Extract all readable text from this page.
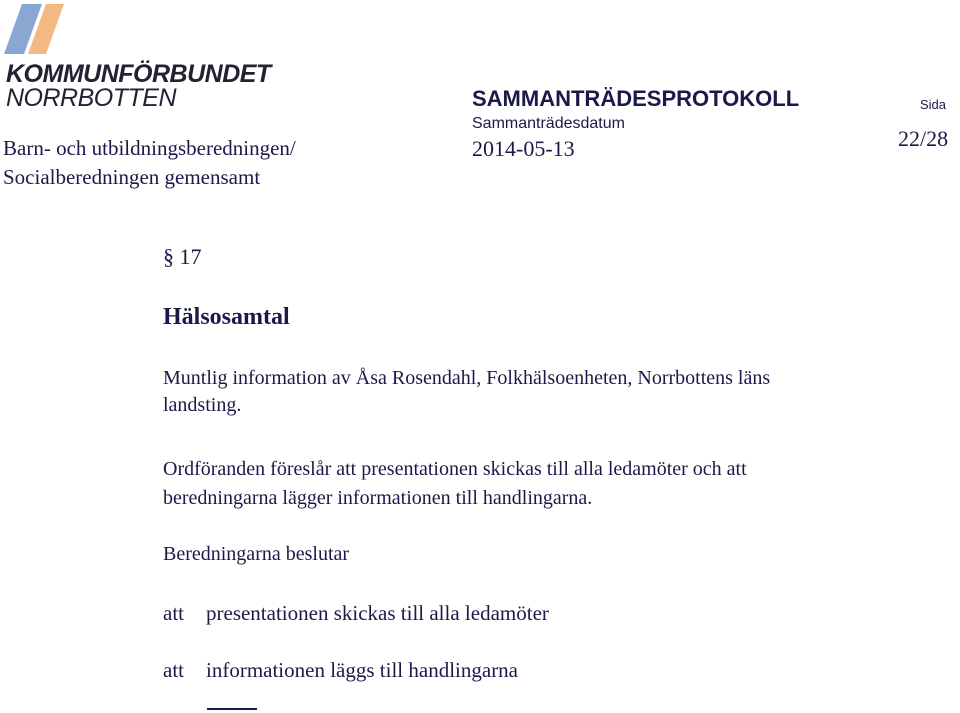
KOMMUNFÖRBUNDET
NORRBOTTEN
Barn- och utbildningsberedningen/
Socialberedningen gemensamt
SAMMANTRÄDESPROTOKOLL
Sammanträdesdatum
2014-05-13
Sida
22/28
§ 17
Hälsosamtal
Muntlig information av Åsa Rosendahl, Folkhälsoenheten, Norrbottens läns
landsting.
Ordföranden föreslår att presentationen skickas till alla ledamöter och att
beredningarna lägger informationen till handlingarna.
Beredningarna beslutar
att presentationen skickas till alla ledamöter
att informationen läggs till handlingarna
